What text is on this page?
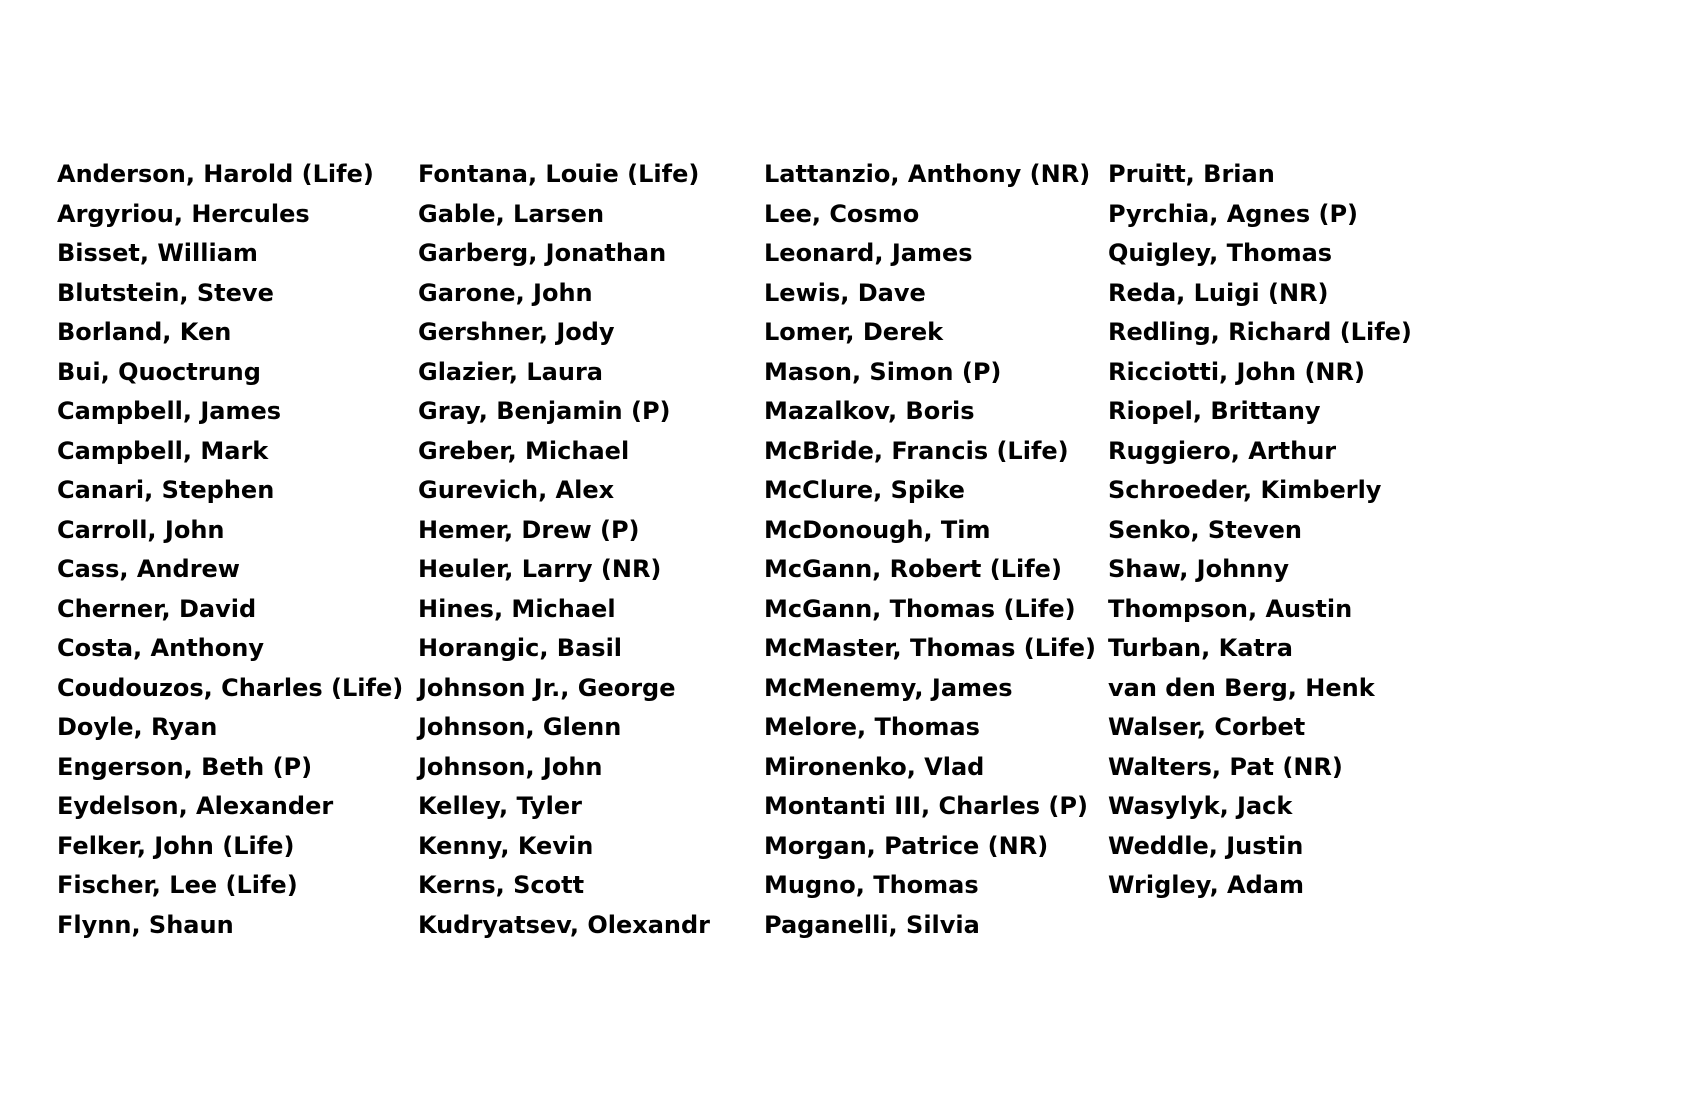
Anderson, Harold (Life)
Argyriou, Hercules
Bisset, William
Blutstein, Steve
Borland, Ken
Bui, Quoctrung
Campbell, James
Campbell, Mark
Canari, Stephen
Carroll, John
Cass, Andrew
Cherner, David
Costa, Anthony
Coudouzos, Charles (Life)
Doyle, Ryan
Engerson, Beth (P)
Eydelson, Alexander
Felker, John (Life)
Fischer, Lee (Life)
Flynn, Shaun
Fontana, Louie (Life)
Gable, Larsen
Garberg, Jonathan
Garone, John
Gershner, Jody
Glazier, Laura
Gray, Benjamin (P)
Greber, Michael
Gurevich, Alex
Hemer, Drew (P)
Heuler, Larry (NR)
Hines, Michael
Horangic, Basil
Johnson Jr., George
Johnson, Glenn
Johnson, John
Kelley, Tyler
Kenny, Kevin
Kerns, Scott
Kudryatsev, Olexandr
Lattanzio, Anthony (NR)
Lee, Cosmo
Leonard, James
Lewis, Dave
Lomer, Derek
Mason, Simon (P)
Mazalkov, Boris
McBride, Francis (Life)
McClure, Spike
McDonough, Tim
McGann, Robert (Life)
McGann, Thomas (Life)
McMaster, Thomas (Life)
McMenemy, James
Melore, Thomas
Mironenko, Vlad
Montanti III, Charles (P)
Morgan, Patrice (NR)
Mugno, Thomas
Paganelli, Silvia
Pruitt, Brian
Pyrchia, Agnes (P)
Quigley, Thomas
Reda, Luigi (NR)
Redling, Richard (Life)
Ricciotti, John (NR)
Riopel, Brittany
Ruggiero, Arthur
Schroeder, Kimberly
Senko, Steven
Shaw, Johnny
Thompson, Austin
Turban, Katra
van den Berg, Henk
Walser, Corbet
Walters, Pat (NR)
Wasylyk, Jack
Weddle, Justin
Wrigley, Adam
